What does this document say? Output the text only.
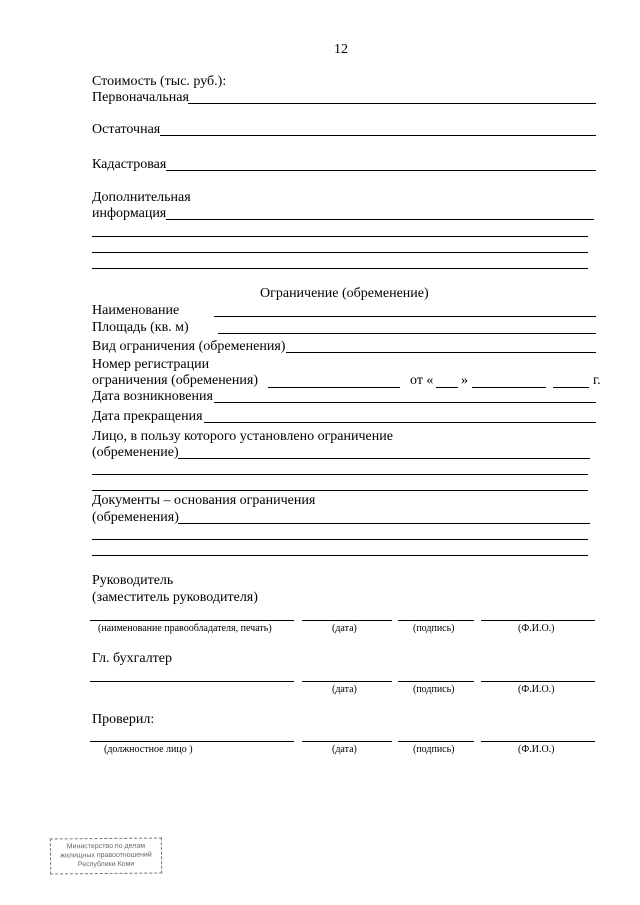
12
Стоимость (тыс. руб.):
Первоначальная
Остаточная
Кадастровая
Дополнительная
информация
Ограничение (обременение)
Наименование
Площадь (кв. м)
Вид ограничения (обременения)
Номер регистрации
ограничения (обременения)	от « »	г.
Дата возникновения
Дата прекращения
Лицо, в пользу которого установлено ограничение
(обременение)
Документы – основания ограничения
(обременения)
Руководитель
(заместитель руководителя)
(наименование правообладателя, печать)	(дата)	(подпись)	(Ф.И.О.)
Гл. бухгалтер
(дата)	(подпись)	(Ф.И.О.)
Проверил:
(должностное лицо )	(дата)	(подпись)	(Ф.И.О.)
Министерство по делам
жилищных правоотношений
Республики Коми
